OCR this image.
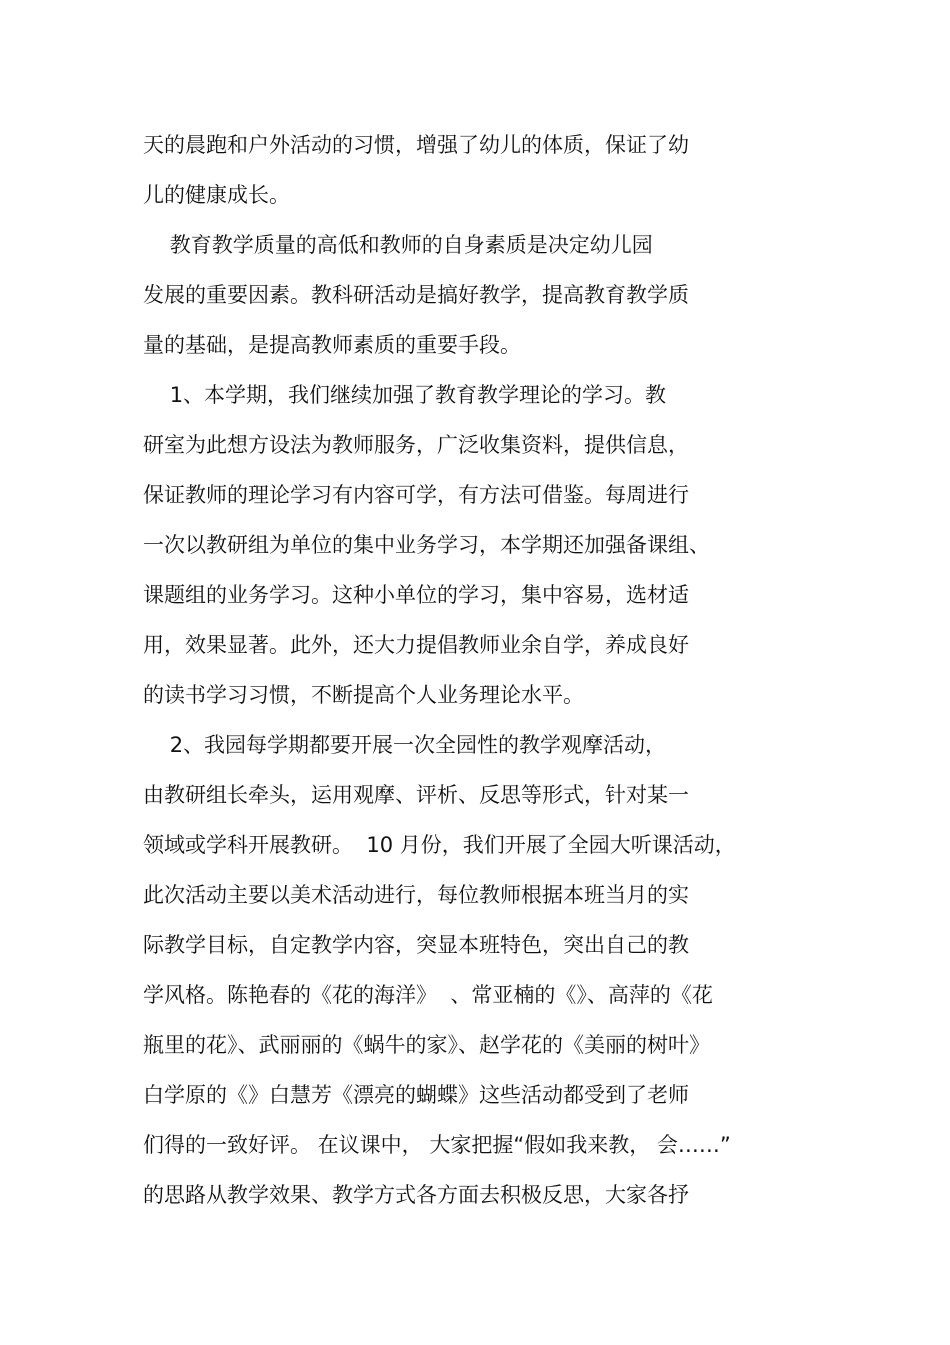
天的晨跑和户外活动的习惯，增强了幼儿的体质，保证了幼
儿的健康成长。
教育教学质量的高低和教师的自身素质是决定幼儿园
发展的重要因素。教科研活动是搞好教学，提高教育教学质
量的基础，是提高教师素质的重要手段。
1、本学期，我们继续加强了教育教学理论的学习。教
研室为此想方设法为教师服务，广泛收集资料，提供信息，
保证教师的理论学习有内容可学，有方法可借鉴。每周进行
一次以教研组为单位的集中业务学习，本学期还加强备课组、
课题组的业务学习。这种小单位的学习，集中容易，选材适
用，效果显著。此外，还大力提倡教师业余自学，养成良好
的读书学习习惯，不断提高个人业务理论水平。
2、我园每学期都要开展一次全园性的教学观摩活动，
由教研组长牵头，运用观摩、评析、反思等形式，针对某一
领域或学科开展教研。  10 月份，我们开展了全园大听课活动，
此次活动主要以美术活动进行，每位教师根据本班当月的实
际教学目标，自定教学内容，突显本班特色，突出自己的教
学风格。陈艳春的《花的海洋》  、常亚楠的《》、高萍的《花
瓶里的花》、武丽丽的《蜗牛的家》、赵学花的《美丽的树叶》
白学原的《》白慧芳《漂亮的蝴蝶》这些活动都受到了老师
们得的一致好评。 在议课中， 大家把握“假如我来教， 会……”
的思路从教学效果、教学方式各方面去积极反思，大家各抒
